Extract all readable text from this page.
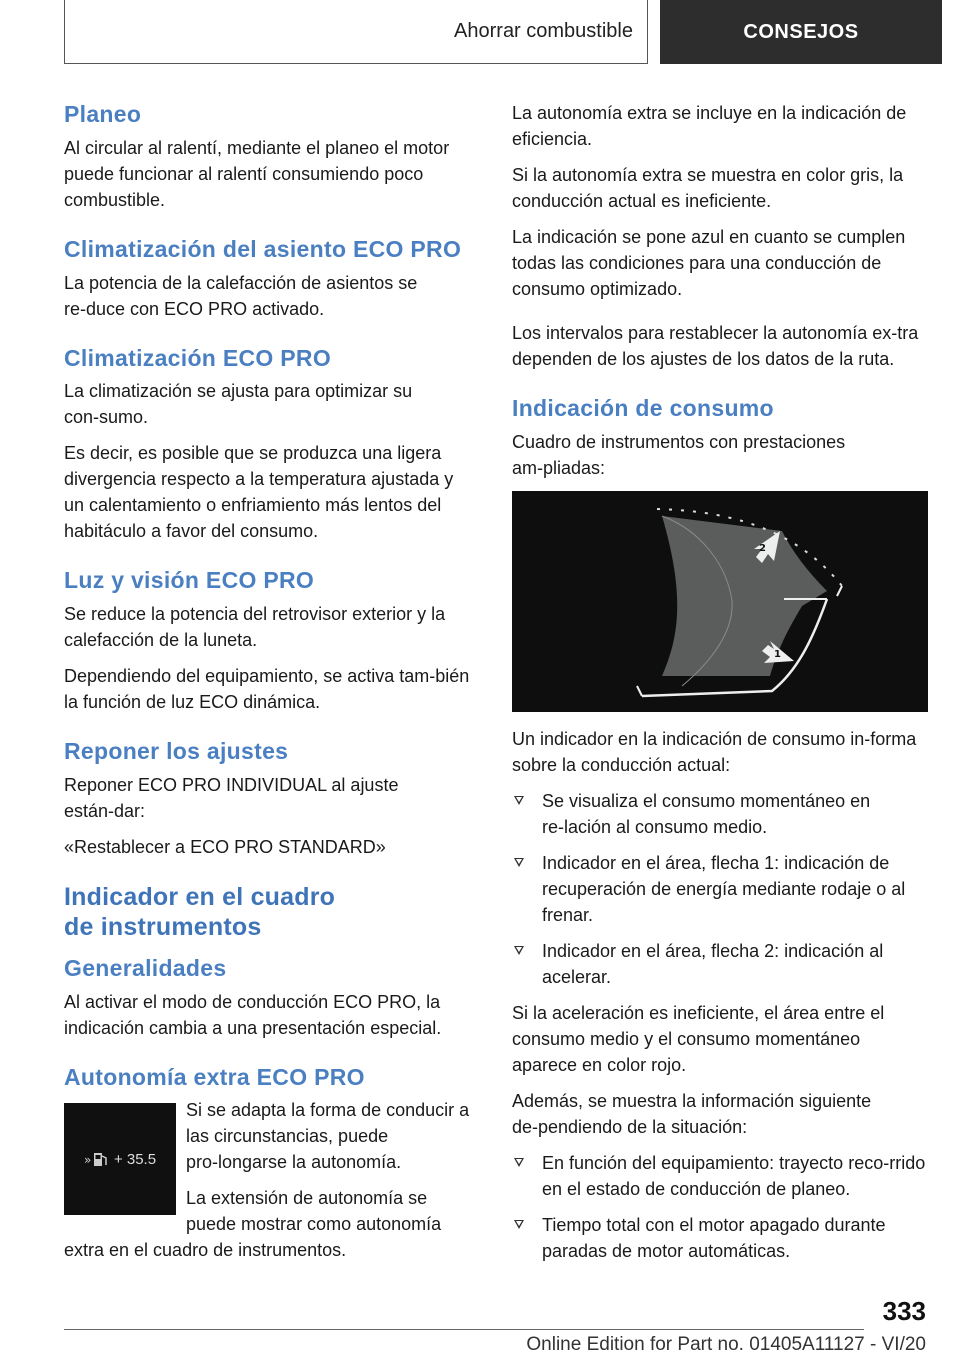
Ahorrar combustible	CONSEJOS
Planeo

Al circular al ralentí, mediante el planeo el motor puede funcionar al ralentí consumiendo poco combustible.

Climatización del asiento ECO PRO

La potencia de la calefacción de asientos se re‑duce con ECO PRO activado.

Climatización ECO PRO

La climatización se ajusta para optimizar su con‑sumo.

Es decir, es posible que se produzca una ligera divergencia respecto a la temperatura ajustada y un calentamiento o enfriamiento más lentos del habitáculo a favor del consumo.

Luz y visión ECO PRO

Se reduce la potencia del retrovisor exterior y la calefacción de la luneta.

Dependiendo del equipamiento, se activa tam‑bién la función de luz ECO dinámica.

Reponer los ajustes

Reponer ECO PRO INDIVIDUAL al ajuste están‑dar:

«Restablecer a ECO PRO STANDARD»

Indicador en el cuadro
de instrumentos
Generalidades

Al activar el modo de conducción ECO PRO, la indicación cambia a una presentación especial.

Autonomía extra ECO PRO
» + 35.5

Si se adapta la forma de conducir a las circunstancias, puede pro‑longarse la autonomía.

La extensión de autonomía se puede mostrar como autonomía extra en el cuadro de instrumentos.

La autonomía extra se incluye en la indicación de eficiencia.

Si la autonomía extra se muestra en color gris, la conducción actual es ineficiente.

La indicación se pone azul en cuanto se cumplen todas las condiciones para una conducción de consumo optimizado.

Los intervalos para restablecer la autonomía ex‑tra dependen de los ajustes de los datos de la ruta.

Indicación de consumo

Cuadro de instrumentos con prestaciones am‑pliadas:

2
1

Un indicador en la indicación de consumo in‑forma sobre la conducción actual:

Se visualiza el consumo momentáneo en re‑lación al consumo medio.
Indicador en el área, flecha 1: indicación de recuperación de energía mediante rodaje o al frenar.
Indicador en el área, flecha 2: indicación al acelerar.

Si la aceleración es ineficiente, el área entre el consumo medio y el consumo momentáneo aparece en color rojo.

Además, se muestra la información siguiente de‑pendiendo de la situación:

En función del equipamiento: trayecto reco‑rrido en el estado de conducción de planeo.
Tiempo total con el motor apagado durante paradas de motor automáticas.
333
Online Edition for Part no. 01405A11127 - VI/20
